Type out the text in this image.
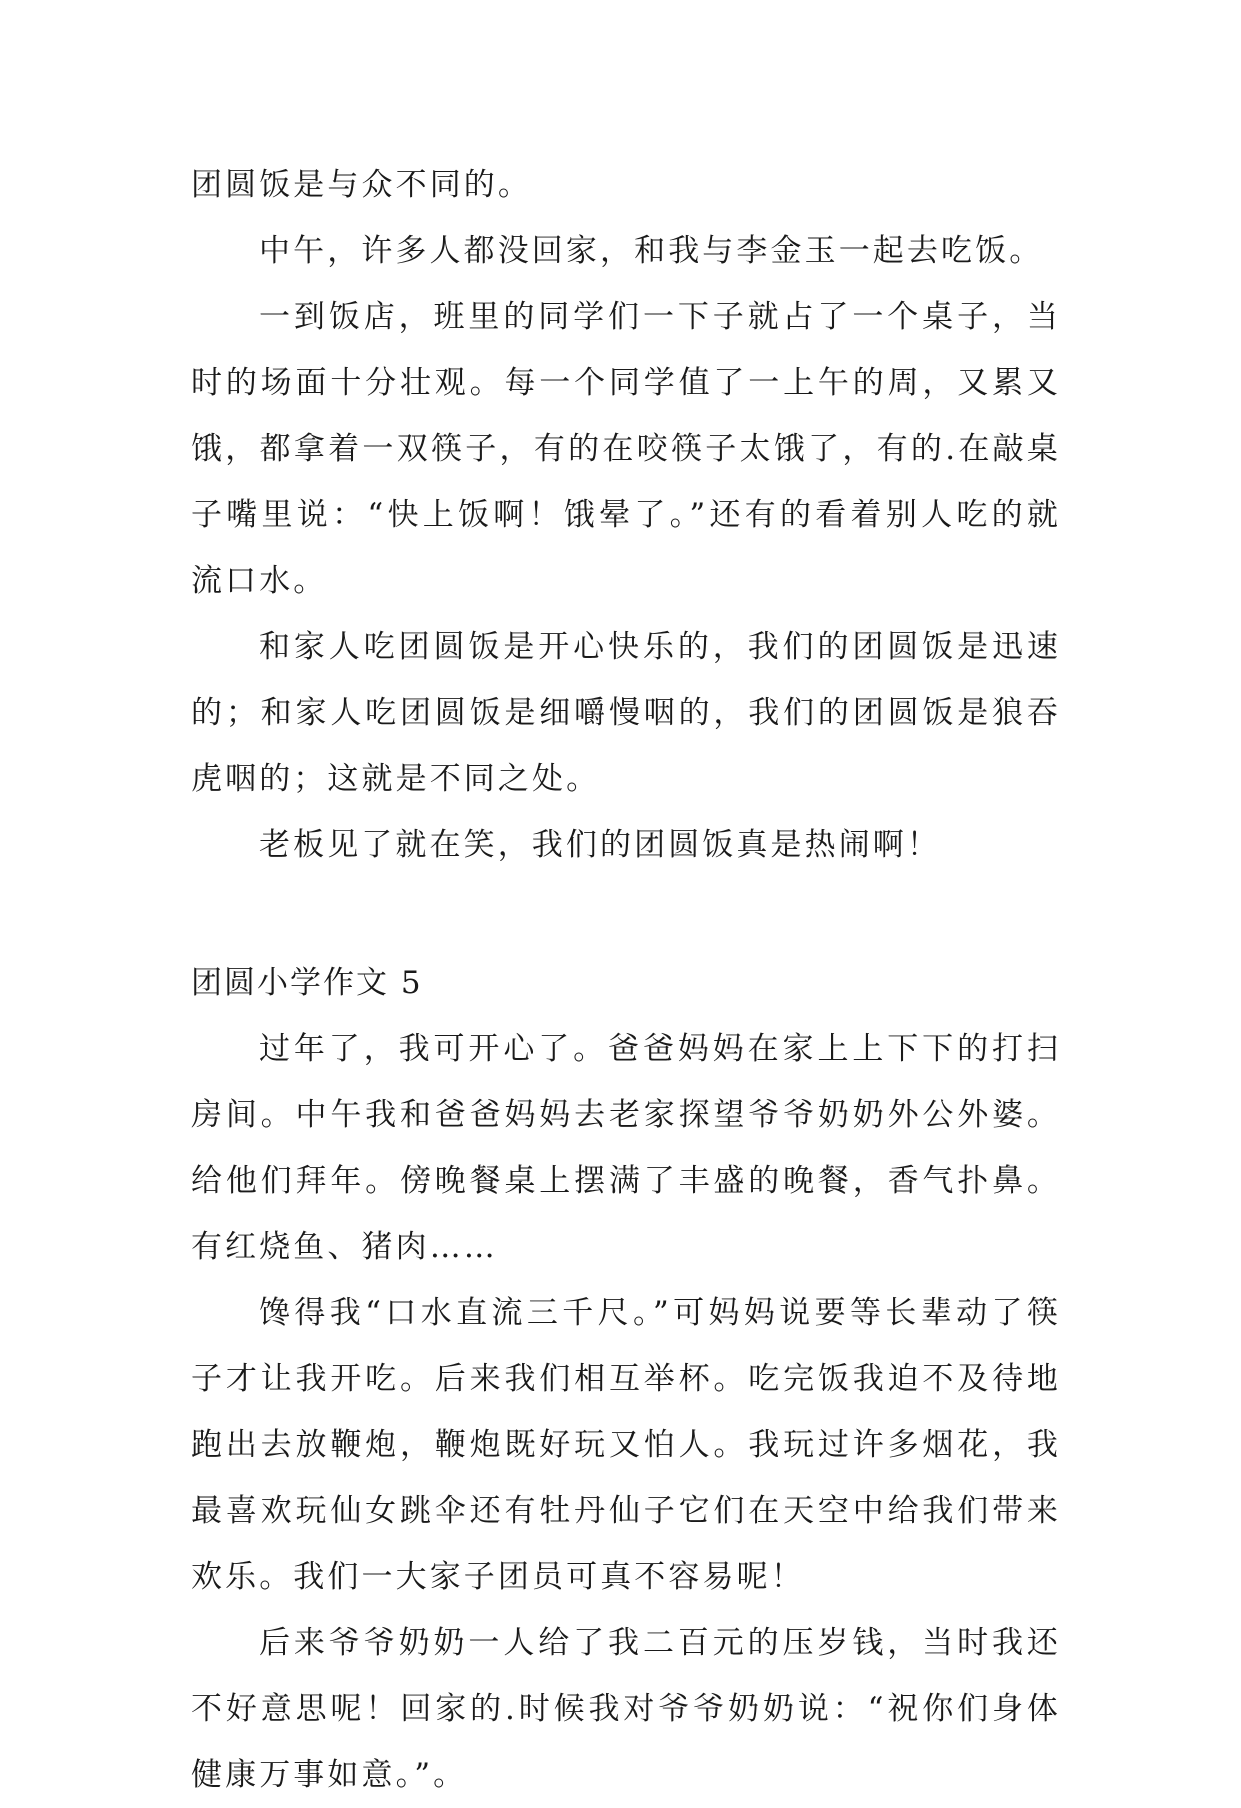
团圆饭是与众不同的。

中午，许多人都没回家，和我与李金玉一起去吃饭。

一到饭店，班里的同学们一下子就占了一个桌子，当时的场面十分壮观。每一个同学值了一上午的周，又累又饿，都拿着一双筷子，有的在咬筷子太饿了，有的.在敲桌子嘴里说：“快上饭啊！饿晕了。”还有的看着别人吃的就流口水。

和家人吃团圆饭是开心快乐的，我们的团圆饭是迅速的；和家人吃团圆饭是细嚼慢咽的，我们的团圆饭是狼吞虎咽的；这就是不同之处。

老板见了就在笑，我们的团圆饭真是热闹啊！

团圆小学作文 5

过年了，我可开心了。爸爸妈妈在家上上下下的打扫房间。中午我和爸爸妈妈去老家探望爷爷奶奶外公外婆。给他们拜年。傍晚餐桌上摆满了丰盛的晚餐，香气扑鼻。有红烧鱼、猪肉……

馋得我“口水直流三千尺。”可妈妈说要等长辈动了筷子才让我开吃。后来我们相互举杯。吃完饭我迫不及待地跑出去放鞭炮，鞭炮既好玩又怕人。我玩过许多烟花，我最喜欢玩仙女跳伞还有牡丹仙子它们在天空中给我们带来欢乐。我们一大家子团员可真不容易呢！

后来爷爷奶奶一人给了我二百元的压岁钱，当时我还不好意思呢！回家的.时候我对爷爷奶奶说：“祝你们身体健康万事如意。”。
